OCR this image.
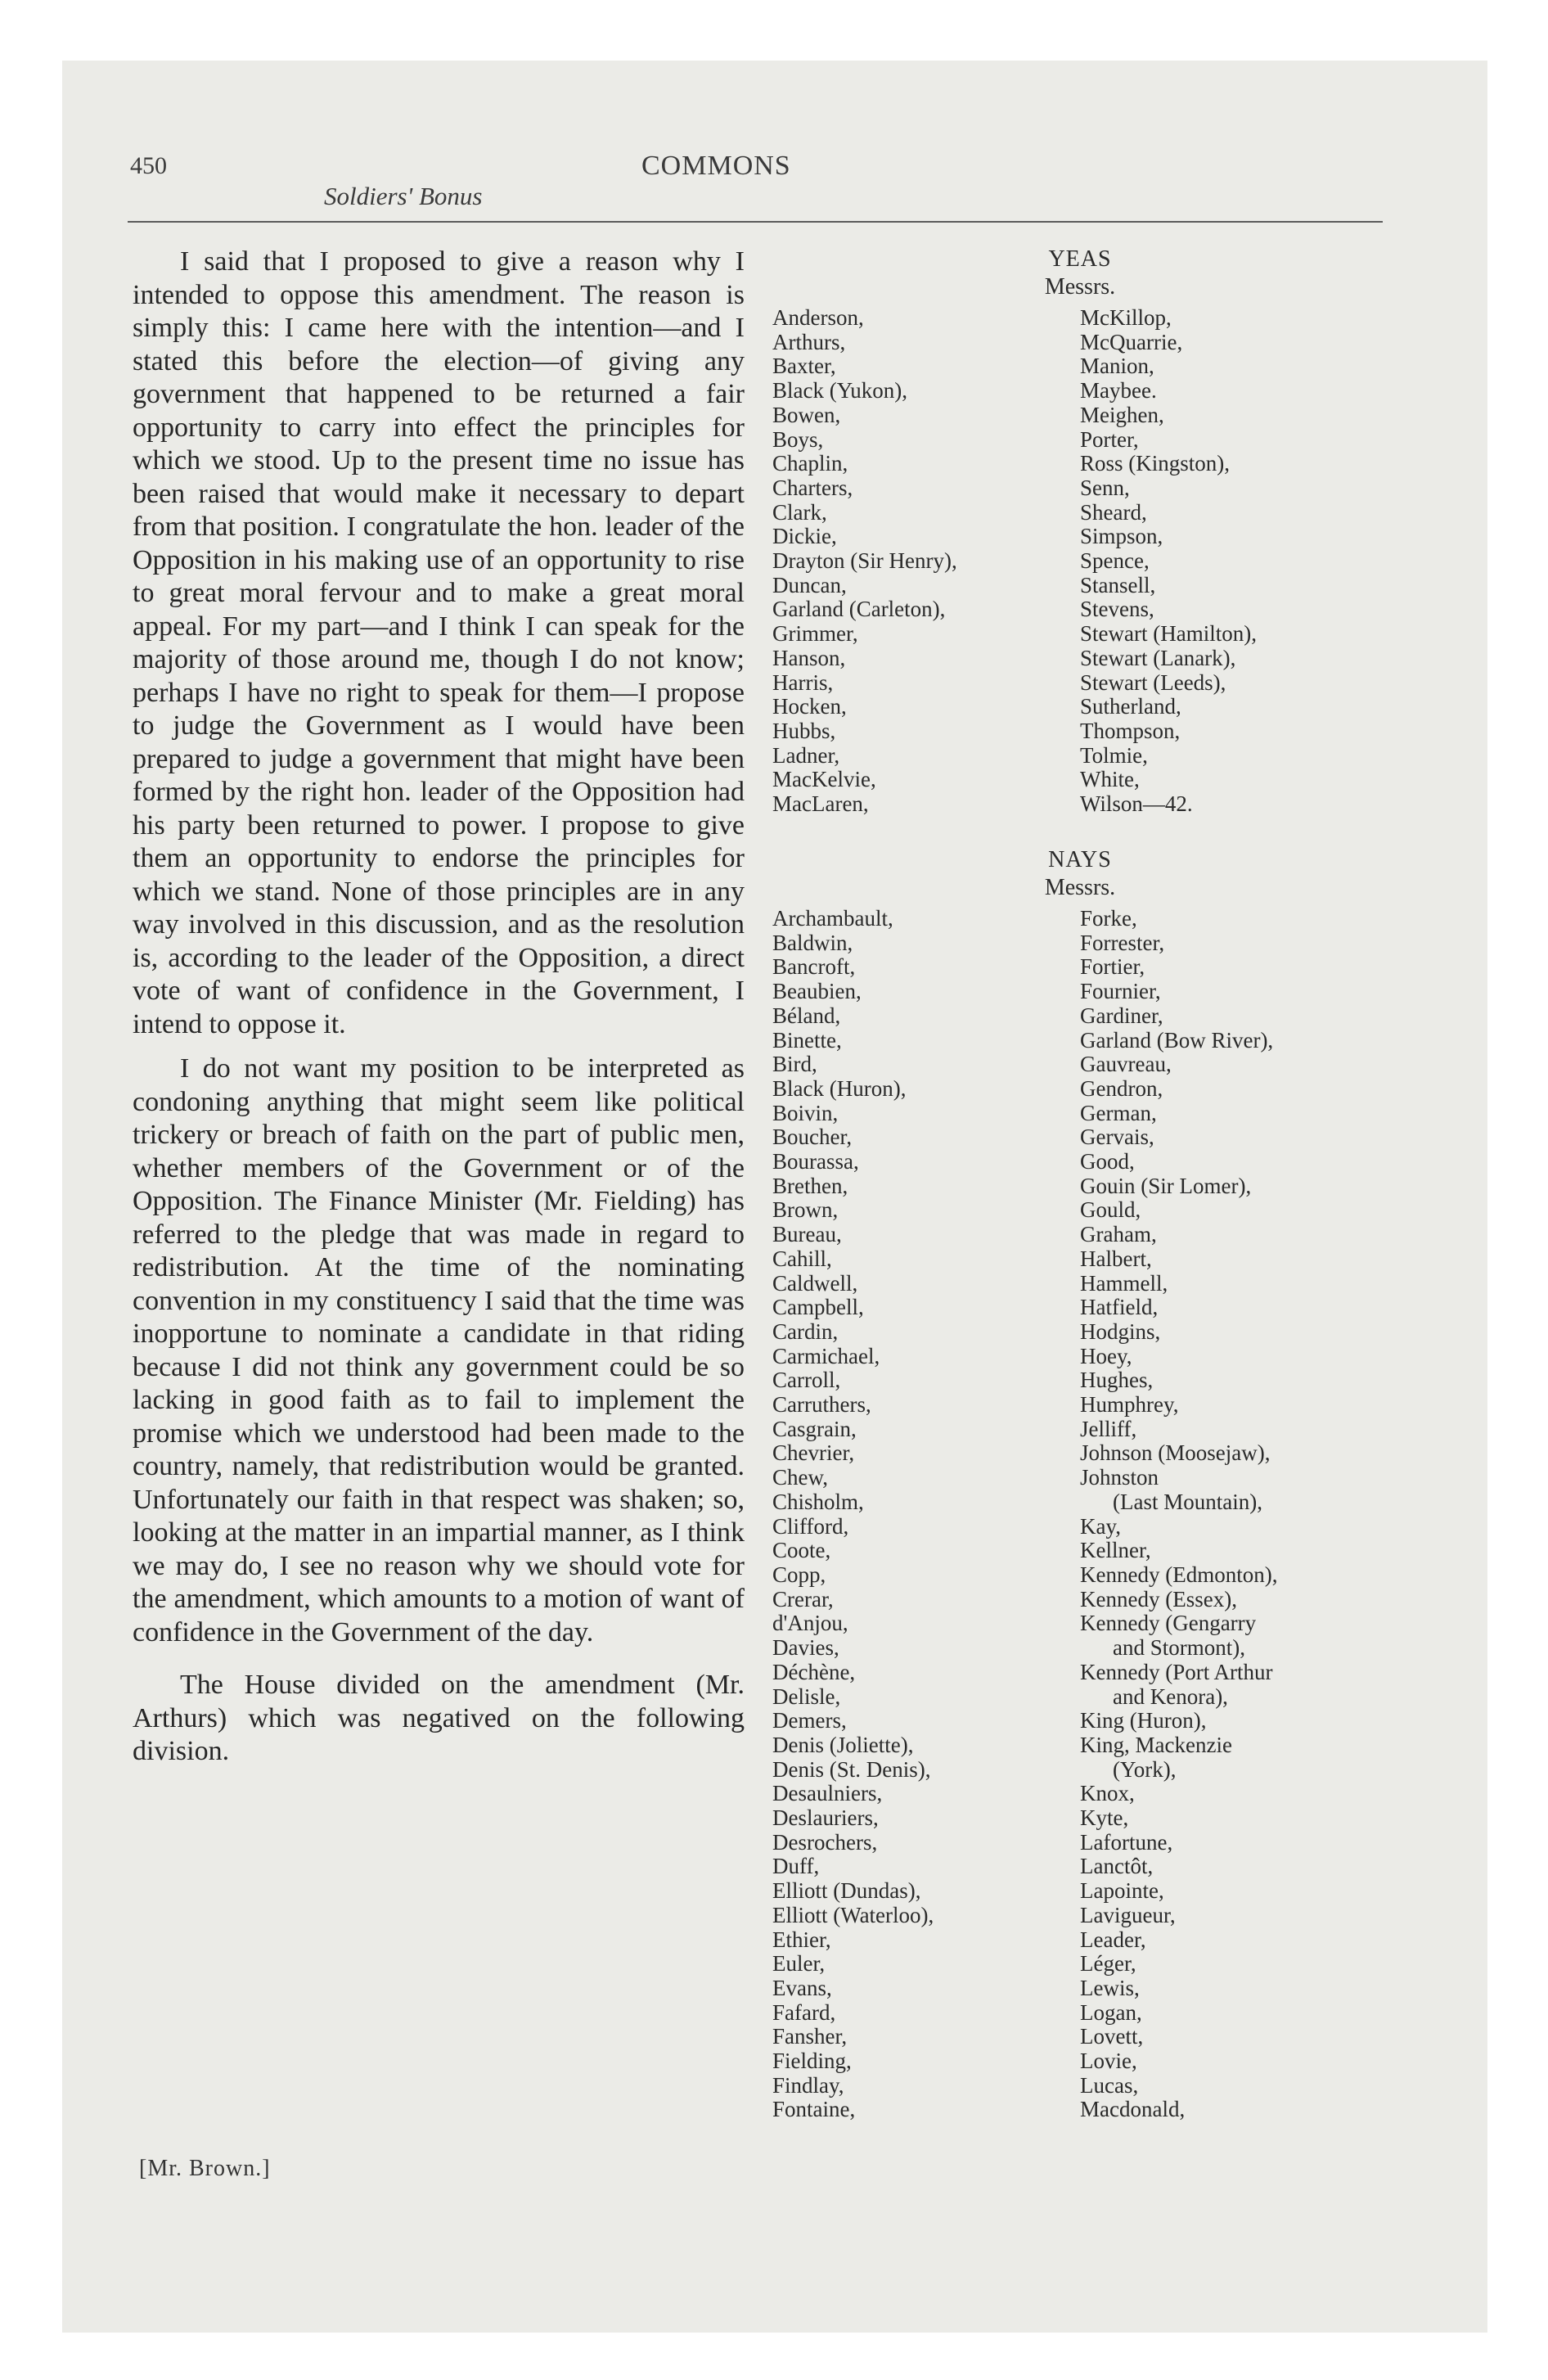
450	COMMONS
Soldiers' Bonus

I said that I proposed to give a reason why I intended to oppose this amendment. The reason is simply this: I came here with the intention—and I stated this before the election—of giving any government that happened to be returned a fair opportunity to carry into effect the principles for which we stood. Up to the present time no issue has been raised that would make it necessary to depart from that position. I congratulate the hon. leader of the Opposition in his making use of an opportunity to rise to great moral fervour and to make a great moral appeal. For my part—and I think I can speak for the majority of those around me, though I do not know; perhaps I have no right to speak for them—I propose to judge the Government as I would have been prepared to judge a government that might have been formed by the right hon. leader of the Opposition had his party been returned to power. I propose to give them an opportunity to endorse the principles for which we stand. None of those principles are in any way involved in this discussion, and as the resolution is, according to the leader of the Opposition, a direct vote of want of confidence in the Government, I intend to oppose it.

I do not want my position to be interpreted as condoning anything that might seem like political trickery or breach of faith on the part of public men, whether members of the Government or of the Opposition. The Finance Minister (Mr. Fielding) has referred to the pledge that was made in regard to redistribution. At the time of the nominating convention in my constituency I said that the time was inopportune to nominate a candidate in that riding because I did not think any government could be so lacking in good faith as to fail to implement the promise which we understood had been made to the country, namely, that redistribution would be granted. Unfortunately our faith in that respect was shaken; so, looking at the matter in an impartial manner, as I think we may do, I see no reason why we should vote for the amendment, which amounts to a motion of want of confidence in the Government of the day.

The House divided on the amendment (Mr. Arthurs) which was negatived on the following division.

[Mr. Brown.]
YEAS
Messrs.
Anderson,
Arthurs,
Baxter,
Black (Yukon),
Bowen,
Boys,
Chaplin,
Charters,
Clark,
Dickie,
Drayton (Sir Henry),
Duncan,
Garland (Carleton),
Grimmer,
Hanson,
Harris,
Hocken,
Hubbs,
Ladner,
MacKelvie,
MacLaren,
McKillop,
McQuarrie,
Manion,
Maybee.
Meighen,
Porter,
Ross (Kingston),
Senn,
Sheard,
Simpson,
Spence,
Stansell,
Stevens,
Stewart (Hamilton),
Stewart (Lanark),
Stewart (Leeds),
Sutherland,
Thompson,
Tolmie,
White,
Wilson—42.
NAYS
Messrs.
Archambault,
Baldwin,
Bancroft,
Beaubien,
Béland,
Binette,
Bird,
Black (Huron),
Boivin,
Boucher,
Bourassa,
Brethen,
Brown,
Bureau,
Cahill,
Caldwell,
Campbell,
Cardin,
Carmichael,
Carroll,
Carruthers,
Casgrain,
Chevrier,
Chew,
Chisholm,
Clifford,
Coote,
Copp,
Crerar,
d'Anjou,
Davies,
Déchène,
Delisle,
Demers,
Denis (Joliette),
Denis (St. Denis),
Desaulniers,
Deslauriers,
Desrochers,
Duff,
Elliott (Dundas),
Elliott (Waterloo),
Ethier,
Euler,
Evans,
Fafard,
Fansher,
Fielding,
Findlay,
Fontaine,
Forke,
Forrester,
Fortier,
Fournier,
Gardiner,
Garland (Bow River),
Gauvreau,
Gendron,
German,
Gervais,
Good,
Gouin (Sir Lomer),
Gould,
Graham,
Halbert,
Hammell,
Hatfield,
Hodgins,
Hoey,
Hughes,
Humphrey,
Jelliff,
Johnson (Moosejaw),
Johnston
(Last Mountain),
Kay,
Kellner,
Kennedy (Edmonton),
Kennedy (Essex),
Kennedy (Gengarry
and Stormont),
Kennedy (Port Arthur
and Kenora),
King (Huron),
King, Mackenzie
(York),
Knox,
Kyte,
Lafortune,
Lanctôt,
Lapointe,
Lavigueur,
Leader,
Léger,
Lewis,
Logan,
Lovett,
Lovie,
Lucas,
Macdonald,
